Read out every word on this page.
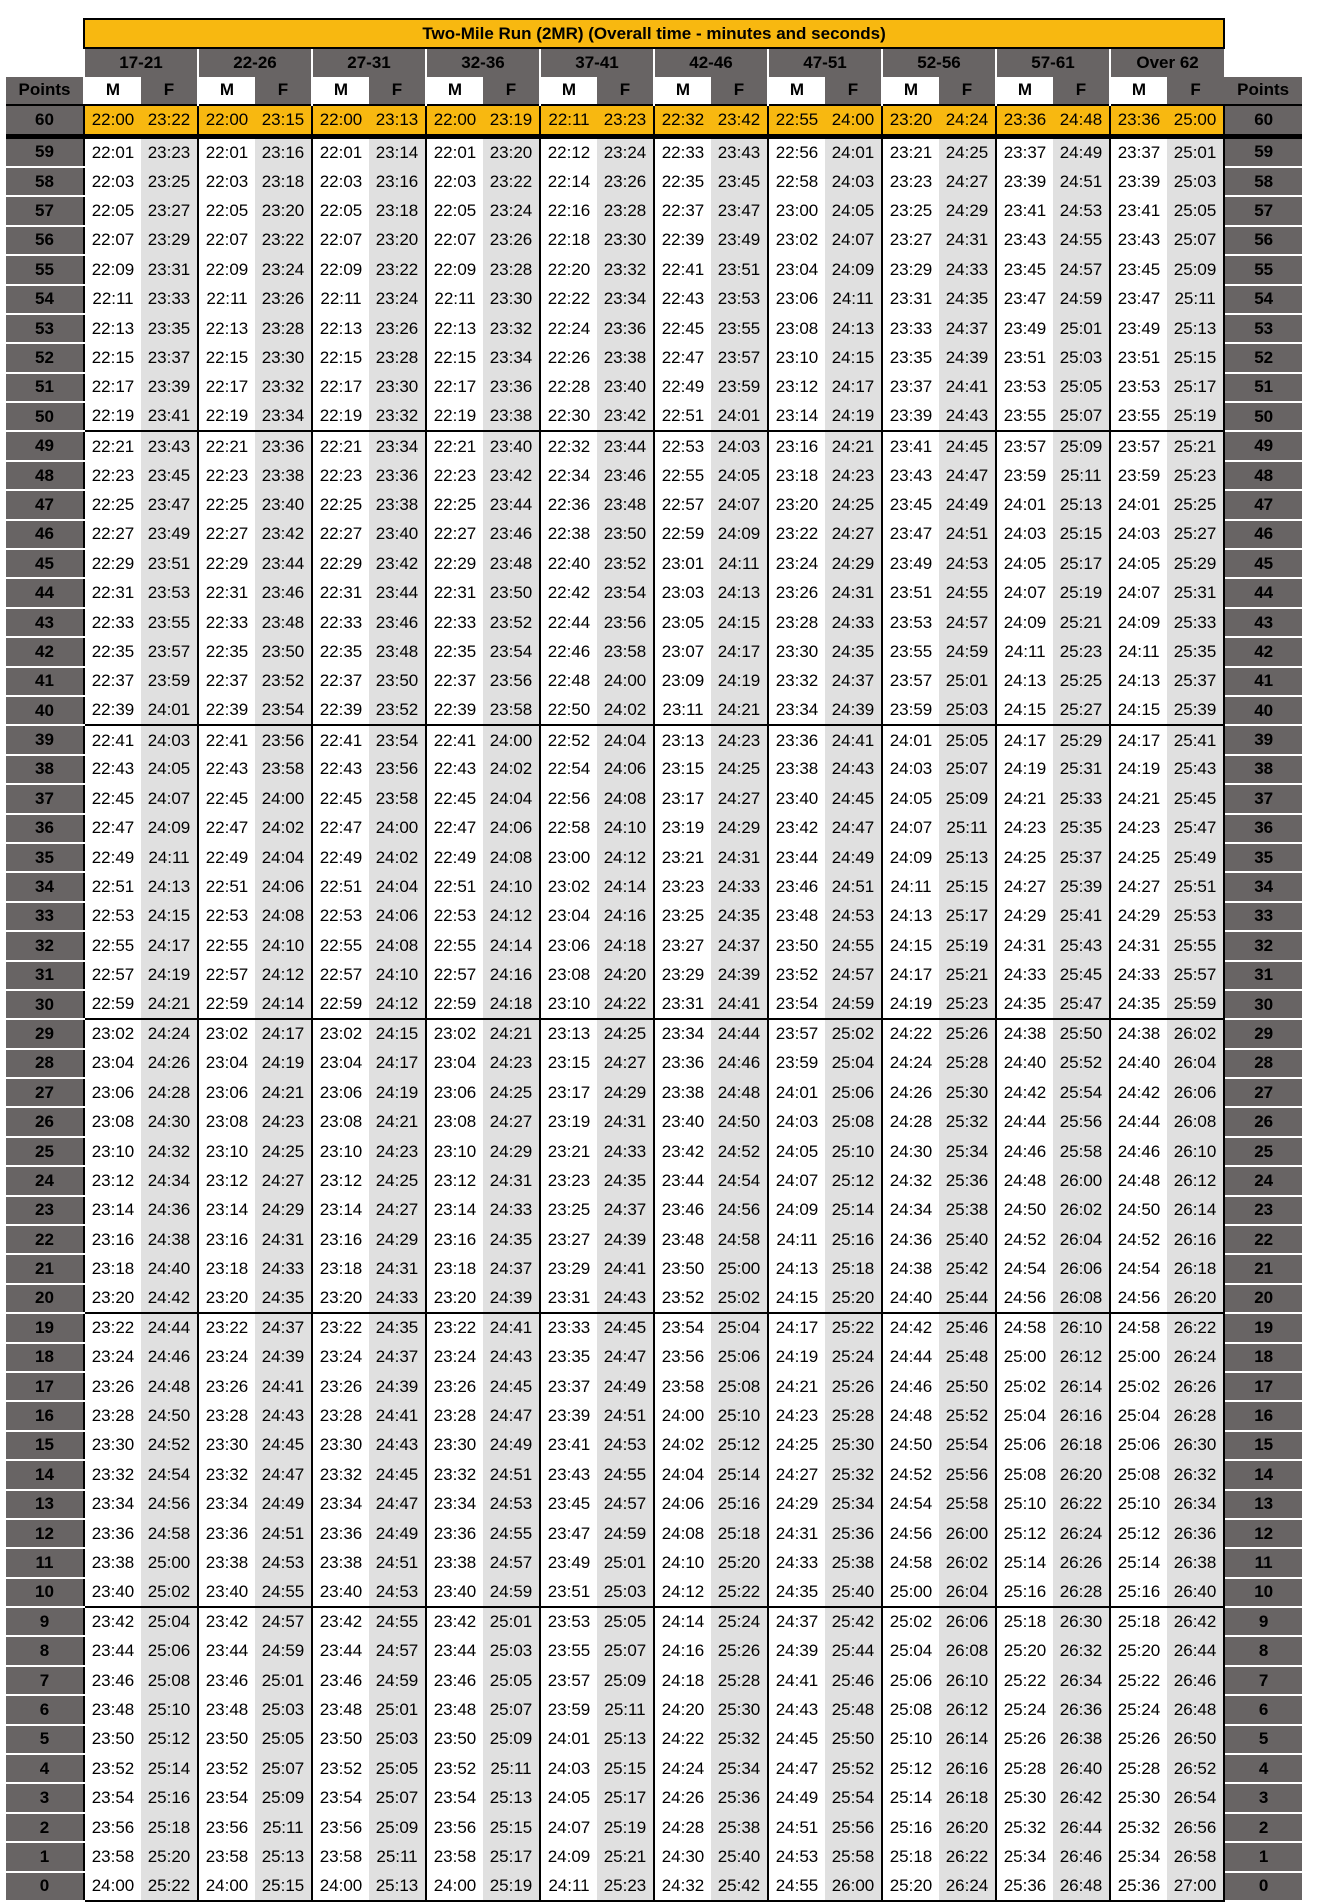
	Two-Mile Run (2MR) (Overall time - minutes and seconds)																				
	17-21		22-26		27-31		32-36		37-41		42-46		47-51		52-56		57-61		Over 62		
Points	M	F	M	F	M	F	M	F	M	F	M	F	M	F	M	F	M	F	M	F	Points
60	22:00	23:22	22:00	23:15	22:00	23:13	22:00	23:19	22:11	23:23	22:32	23:42	22:55	24:00	23:20	24:24	23:36	24:48	23:36	25:00	60
59	22:01	23:23	22:01	23:16	22:01	23:14	22:01	23:20	22:12	23:24	22:33	23:43	22:56	24:01	23:21	24:25	23:37	24:49	23:37	25:01	59
58	22:03	23:25	22:03	23:18	22:03	23:16	22:03	23:22	22:14	23:26	22:35	23:45	22:58	24:03	23:23	24:27	23:39	24:51	23:39	25:03	58
57	22:05	23:27	22:05	23:20	22:05	23:18	22:05	23:24	22:16	23:28	22:37	23:47	23:00	24:05	23:25	24:29	23:41	24:53	23:41	25:05	57
56	22:07	23:29	22:07	23:22	22:07	23:20	22:07	23:26	22:18	23:30	22:39	23:49	23:02	24:07	23:27	24:31	23:43	24:55	23:43	25:07	56
55	22:09	23:31	22:09	23:24	22:09	23:22	22:09	23:28	22:20	23:32	22:41	23:51	23:04	24:09	23:29	24:33	23:45	24:57	23:45	25:09	55
54	22:11	23:33	22:11	23:26	22:11	23:24	22:11	23:30	22:22	23:34	22:43	23:53	23:06	24:11	23:31	24:35	23:47	24:59	23:47	25:11	54
53	22:13	23:35	22:13	23:28	22:13	23:26	22:13	23:32	22:24	23:36	22:45	23:55	23:08	24:13	23:33	24:37	23:49	25:01	23:49	25:13	53
52	22:15	23:37	22:15	23:30	22:15	23:28	22:15	23:34	22:26	23:38	22:47	23:57	23:10	24:15	23:35	24:39	23:51	25:03	23:51	25:15	52
51	22:17	23:39	22:17	23:32	22:17	23:30	22:17	23:36	22:28	23:40	22:49	23:59	23:12	24:17	23:37	24:41	23:53	25:05	23:53	25:17	51
50	22:19	23:41	22:19	23:34	22:19	23:32	22:19	23:38	22:30	23:42	22:51	24:01	23:14	24:19	23:39	24:43	23:55	25:07	23:55	25:19	50
49	22:21	23:43	22:21	23:36	22:21	23:34	22:21	23:40	22:32	23:44	22:53	24:03	23:16	24:21	23:41	24:45	23:57	25:09	23:57	25:21	49
48	22:23	23:45	22:23	23:38	22:23	23:36	22:23	23:42	22:34	23:46	22:55	24:05	23:18	24:23	23:43	24:47	23:59	25:11	23:59	25:23	48
47	22:25	23:47	22:25	23:40	22:25	23:38	22:25	23:44	22:36	23:48	22:57	24:07	23:20	24:25	23:45	24:49	24:01	25:13	24:01	25:25	47
46	22:27	23:49	22:27	23:42	22:27	23:40	22:27	23:46	22:38	23:50	22:59	24:09	23:22	24:27	23:47	24:51	24:03	25:15	24:03	25:27	46
45	22:29	23:51	22:29	23:44	22:29	23:42	22:29	23:48	22:40	23:52	23:01	24:11	23:24	24:29	23:49	24:53	24:05	25:17	24:05	25:29	45
44	22:31	23:53	22:31	23:46	22:31	23:44	22:31	23:50	22:42	23:54	23:03	24:13	23:26	24:31	23:51	24:55	24:07	25:19	24:07	25:31	44
43	22:33	23:55	22:33	23:48	22:33	23:46	22:33	23:52	22:44	23:56	23:05	24:15	23:28	24:33	23:53	24:57	24:09	25:21	24:09	25:33	43
42	22:35	23:57	22:35	23:50	22:35	23:48	22:35	23:54	22:46	23:58	23:07	24:17	23:30	24:35	23:55	24:59	24:11	25:23	24:11	25:35	42
41	22:37	23:59	22:37	23:52	22:37	23:50	22:37	23:56	22:48	24:00	23:09	24:19	23:32	24:37	23:57	25:01	24:13	25:25	24:13	25:37	41
40	22:39	24:01	22:39	23:54	22:39	23:52	22:39	23:58	22:50	24:02	23:11	24:21	23:34	24:39	23:59	25:03	24:15	25:27	24:15	25:39	40
39	22:41	24:03	22:41	23:56	22:41	23:54	22:41	24:00	22:52	24:04	23:13	24:23	23:36	24:41	24:01	25:05	24:17	25:29	24:17	25:41	39
38	22:43	24:05	22:43	23:58	22:43	23:56	22:43	24:02	22:54	24:06	23:15	24:25	23:38	24:43	24:03	25:07	24:19	25:31	24:19	25:43	38
37	22:45	24:07	22:45	24:00	22:45	23:58	22:45	24:04	22:56	24:08	23:17	24:27	23:40	24:45	24:05	25:09	24:21	25:33	24:21	25:45	37
36	22:47	24:09	22:47	24:02	22:47	24:00	22:47	24:06	22:58	24:10	23:19	24:29	23:42	24:47	24:07	25:11	24:23	25:35	24:23	25:47	36
35	22:49	24:11	22:49	24:04	22:49	24:02	22:49	24:08	23:00	24:12	23:21	24:31	23:44	24:49	24:09	25:13	24:25	25:37	24:25	25:49	35
34	22:51	24:13	22:51	24:06	22:51	24:04	22:51	24:10	23:02	24:14	23:23	24:33	23:46	24:51	24:11	25:15	24:27	25:39	24:27	25:51	34
33	22:53	24:15	22:53	24:08	22:53	24:06	22:53	24:12	23:04	24:16	23:25	24:35	23:48	24:53	24:13	25:17	24:29	25:41	24:29	25:53	33
32	22:55	24:17	22:55	24:10	22:55	24:08	22:55	24:14	23:06	24:18	23:27	24:37	23:50	24:55	24:15	25:19	24:31	25:43	24:31	25:55	32
31	22:57	24:19	22:57	24:12	22:57	24:10	22:57	24:16	23:08	24:20	23:29	24:39	23:52	24:57	24:17	25:21	24:33	25:45	24:33	25:57	31
30	22:59	24:21	22:59	24:14	22:59	24:12	22:59	24:18	23:10	24:22	23:31	24:41	23:54	24:59	24:19	25:23	24:35	25:47	24:35	25:59	30
29	23:02	24:24	23:02	24:17	23:02	24:15	23:02	24:21	23:13	24:25	23:34	24:44	23:57	25:02	24:22	25:26	24:38	25:50	24:38	26:02	29
28	23:04	24:26	23:04	24:19	23:04	24:17	23:04	24:23	23:15	24:27	23:36	24:46	23:59	25:04	24:24	25:28	24:40	25:52	24:40	26:04	28
27	23:06	24:28	23:06	24:21	23:06	24:19	23:06	24:25	23:17	24:29	23:38	24:48	24:01	25:06	24:26	25:30	24:42	25:54	24:42	26:06	27
26	23:08	24:30	23:08	24:23	23:08	24:21	23:08	24:27	23:19	24:31	23:40	24:50	24:03	25:08	24:28	25:32	24:44	25:56	24:44	26:08	26
25	23:10	24:32	23:10	24:25	23:10	24:23	23:10	24:29	23:21	24:33	23:42	24:52	24:05	25:10	24:30	25:34	24:46	25:58	24:46	26:10	25
24	23:12	24:34	23:12	24:27	23:12	24:25	23:12	24:31	23:23	24:35	23:44	24:54	24:07	25:12	24:32	25:36	24:48	26:00	24:48	26:12	24
23	23:14	24:36	23:14	24:29	23:14	24:27	23:14	24:33	23:25	24:37	23:46	24:56	24:09	25:14	24:34	25:38	24:50	26:02	24:50	26:14	23
22	23:16	24:38	23:16	24:31	23:16	24:29	23:16	24:35	23:27	24:39	23:48	24:58	24:11	25:16	24:36	25:40	24:52	26:04	24:52	26:16	22
21	23:18	24:40	23:18	24:33	23:18	24:31	23:18	24:37	23:29	24:41	23:50	25:00	24:13	25:18	24:38	25:42	24:54	26:06	24:54	26:18	21
20	23:20	24:42	23:20	24:35	23:20	24:33	23:20	24:39	23:31	24:43	23:52	25:02	24:15	25:20	24:40	25:44	24:56	26:08	24:56	26:20	20
19	23:22	24:44	23:22	24:37	23:22	24:35	23:22	24:41	23:33	24:45	23:54	25:04	24:17	25:22	24:42	25:46	24:58	26:10	24:58	26:22	19
18	23:24	24:46	23:24	24:39	23:24	24:37	23:24	24:43	23:35	24:47	23:56	25:06	24:19	25:24	24:44	25:48	25:00	26:12	25:00	26:24	18
17	23:26	24:48	23:26	24:41	23:26	24:39	23:26	24:45	23:37	24:49	23:58	25:08	24:21	25:26	24:46	25:50	25:02	26:14	25:02	26:26	17
16	23:28	24:50	23:28	24:43	23:28	24:41	23:28	24:47	23:39	24:51	24:00	25:10	24:23	25:28	24:48	25:52	25:04	26:16	25:04	26:28	16
15	23:30	24:52	23:30	24:45	23:30	24:43	23:30	24:49	23:41	24:53	24:02	25:12	24:25	25:30	24:50	25:54	25:06	26:18	25:06	26:30	15
14	23:32	24:54	23:32	24:47	23:32	24:45	23:32	24:51	23:43	24:55	24:04	25:14	24:27	25:32	24:52	25:56	25:08	26:20	25:08	26:32	14
13	23:34	24:56	23:34	24:49	23:34	24:47	23:34	24:53	23:45	24:57	24:06	25:16	24:29	25:34	24:54	25:58	25:10	26:22	25:10	26:34	13
12	23:36	24:58	23:36	24:51	23:36	24:49	23:36	24:55	23:47	24:59	24:08	25:18	24:31	25:36	24:56	26:00	25:12	26:24	25:12	26:36	12
11	23:38	25:00	23:38	24:53	23:38	24:51	23:38	24:57	23:49	25:01	24:10	25:20	24:33	25:38	24:58	26:02	25:14	26:26	25:14	26:38	11
10	23:40	25:02	23:40	24:55	23:40	24:53	23:40	24:59	23:51	25:03	24:12	25:22	24:35	25:40	25:00	26:04	25:16	26:28	25:16	26:40	10
9	23:42	25:04	23:42	24:57	23:42	24:55	23:42	25:01	23:53	25:05	24:14	25:24	24:37	25:42	25:02	26:06	25:18	26:30	25:18	26:42	9
8	23:44	25:06	23:44	24:59	23:44	24:57	23:44	25:03	23:55	25:07	24:16	25:26	24:39	25:44	25:04	26:08	25:20	26:32	25:20	26:44	8
7	23:46	25:08	23:46	25:01	23:46	24:59	23:46	25:05	23:57	25:09	24:18	25:28	24:41	25:46	25:06	26:10	25:22	26:34	25:22	26:46	7
6	23:48	25:10	23:48	25:03	23:48	25:01	23:48	25:07	23:59	25:11	24:20	25:30	24:43	25:48	25:08	26:12	25:24	26:36	25:24	26:48	6
5	23:50	25:12	23:50	25:05	23:50	25:03	23:50	25:09	24:01	25:13	24:22	25:32	24:45	25:50	25:10	26:14	25:26	26:38	25:26	26:50	5
4	23:52	25:14	23:52	25:07	23:52	25:05	23:52	25:11	24:03	25:15	24:24	25:34	24:47	25:52	25:12	26:16	25:28	26:40	25:28	26:52	4
3	23:54	25:16	23:54	25:09	23:54	25:07	23:54	25:13	24:05	25:17	24:26	25:36	24:49	25:54	25:14	26:18	25:30	26:42	25:30	26:54	3
2	23:56	25:18	23:56	25:11	23:56	25:09	23:56	25:15	24:07	25:19	24:28	25:38	24:51	25:56	25:16	26:20	25:32	26:44	25:32	26:56	2
1	23:58	25:20	23:58	25:13	23:58	25:11	23:58	25:17	24:09	25:21	24:30	25:40	24:53	25:58	25:18	26:22	25:34	26:46	25:34	26:58	1
0	24:00	25:22	24:00	25:15	24:00	25:13	24:00	25:19	24:11	25:23	24:32	25:42	24:55	26:00	25:20	26:24	25:36	26:48	25:36	27:00	0
